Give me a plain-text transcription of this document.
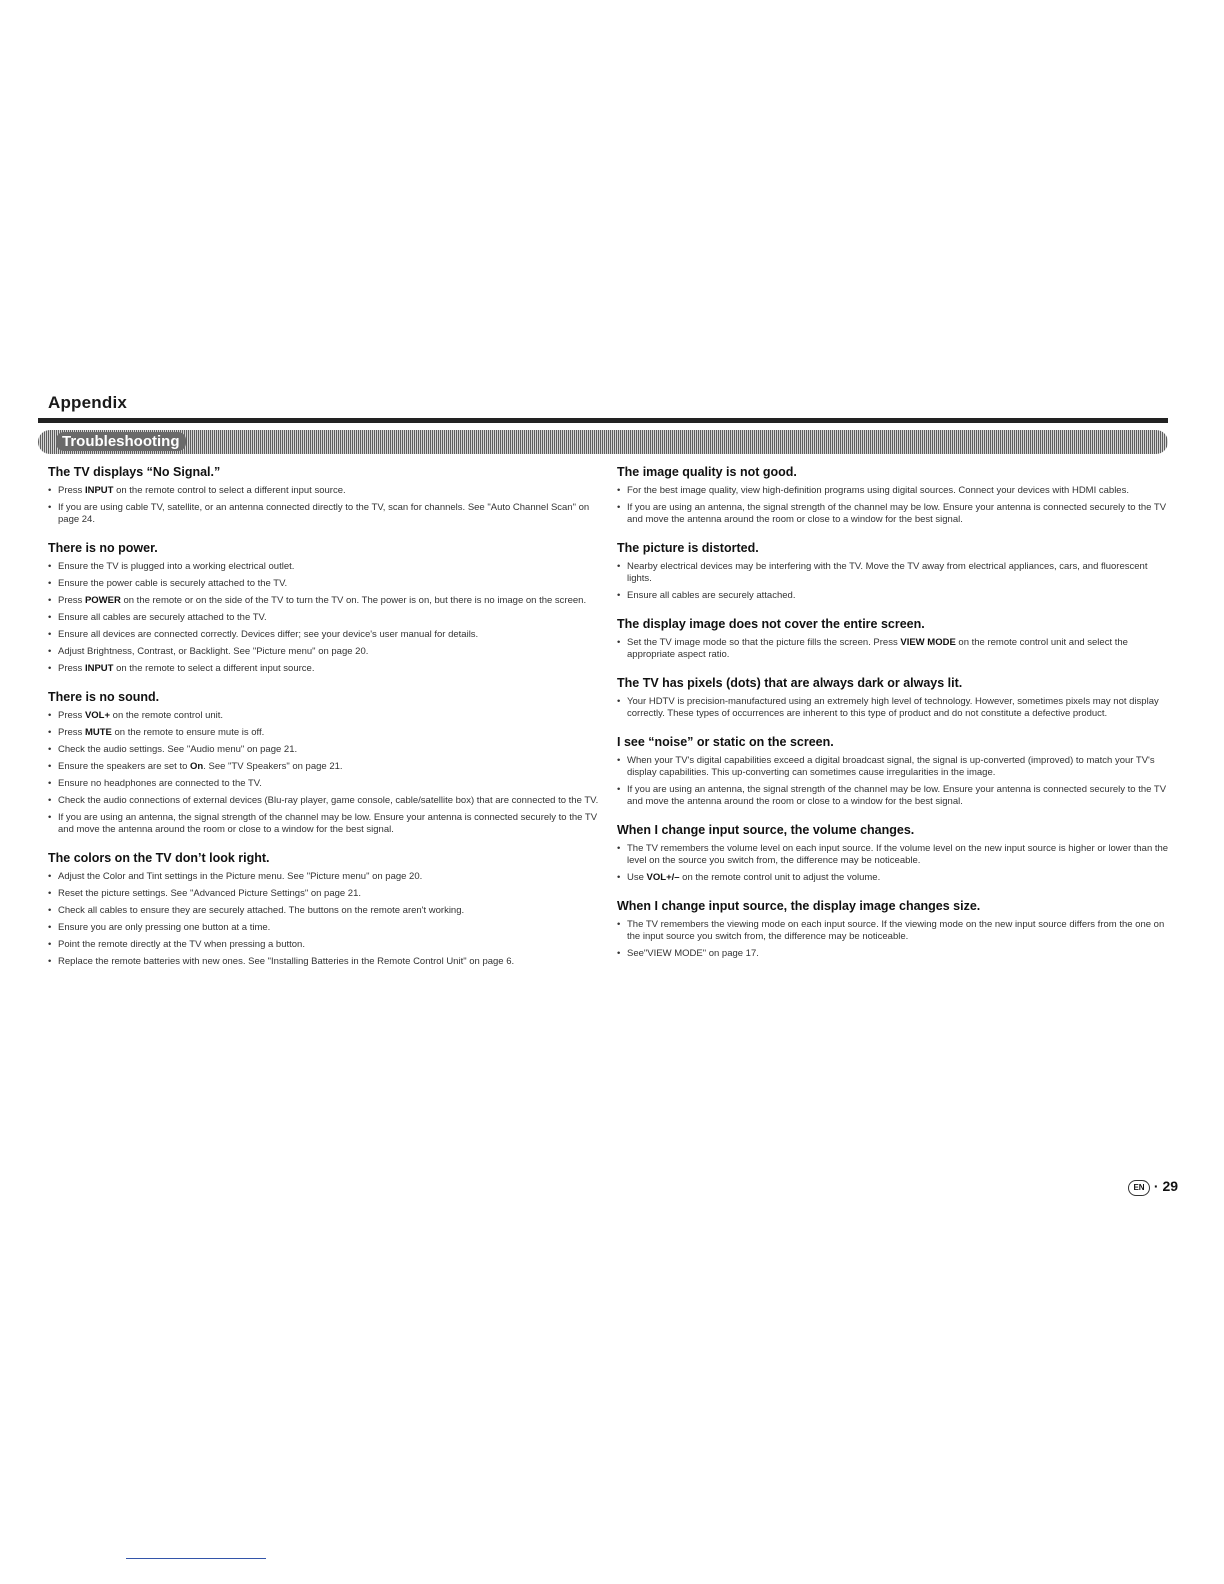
Appendix
Troubleshooting
The TV displays “No Signal.”
• Press INPUT on the remote control to select a different input source.
• If you are using cable TV, satellite, or an antenna connected directly to the TV, scan for channels. See "Auto Channel Scan" on page 24.
There is no power.
• Ensure the TV is plugged into a working electrical outlet.
• Ensure the power cable is securely attached to the TV.
• Press POWER on the remote or on the side of the TV to turn the TV on. The power is on, but there is no image on the screen.
• Ensure all cables are securely attached to the TV.
• Ensure all devices are connected correctly. Devices differ; see your device's user manual for details.
• Adjust Brightness, Contrast, or Backlight. See "Picture menu" on page 20.
• Press INPUT on the remote to select a different input source.
There is no sound.
• Press VOL+ on the remote control unit.
• Press MUTE on the remote to ensure mute is off.
• Check the audio settings. See "Audio menu" on page 21.
• Ensure the speakers are set to On. See "TV Speakers" on page 21.
• Ensure no headphones are connected to the TV.
• Check the audio connections of external devices (Blu-ray player, game console, cable/satellite box) that are connected to the TV.
• If you are using an antenna, the signal strength of the channel may be low. Ensure your antenna is connected securely to the TV and move the antenna around the room or close to a window for the best signal.
The colors on the TV don’t look right.
• Adjust the Color and Tint settings in the Picture menu. See "Picture menu" on page 20.
• Reset the picture settings. See "Advanced Picture Settings" on page 21.
• Check all cables to ensure they are securely attached. The buttons on the remote aren't working.
• Ensure you are only pressing one button at a time.
• Point the remote directly at the TV when pressing a button.
• Replace the remote batteries with new ones. See "Installing Batteries in the Remote Control Unit" on page 6.
The image quality is not good.
• For the best image quality, view high-definition programs using digital sources. Connect your devices with HDMI cables.
• If you are using an antenna, the signal strength of the channel may be low. Ensure your antenna is connected securely to the TV and move the antenna around the room or close to a window for the best signal.
The picture is distorted.
• Nearby electrical devices may be interfering with the TV. Move the TV away from electrical appliances, cars, and fluorescent lights.
• Ensure all cables are securely attached.
The display image does not cover the entire screen.
• Set the TV image mode so that the picture fills the screen. Press VIEW MODE on the remote control unit and select the appropriate aspect ratio.
The TV has pixels (dots) that are always dark or always lit.
• Your HDTV is precision-manufactured using an extremely high level of technology. However, sometimes pixels may not display correctly. These types of occurrences are inherent to this type of product and do not constitute a defective product.
I see “noise” or static on the screen.
• When your TV's digital capabilities exceed a digital broadcast signal, the signal is up-converted (improved) to match your TV's display capabilities. This up-converting can sometimes cause irregularities in the image.
• If you are using an antenna, the signal strength of the channel may be low. Ensure your antenna is connected securely to the TV and move the antenna around the room or close to a window for the best signal.
When I change input source, the volume changes.
• The TV remembers the volume level on each input source. If the volume level on the new input source is higher or lower than the level on the source you switch from, the difference may be noticeable.
• Use VOL+/– on the remote control unit to adjust the volume.
When I change input source, the display image changes size.
• The TV remembers the viewing mode on each input source. If the viewing mode on the new input source differs from the one on the input source you switch from, the difference may be noticeable.
• See"VIEW MODE" on page 17.
EN · 29
